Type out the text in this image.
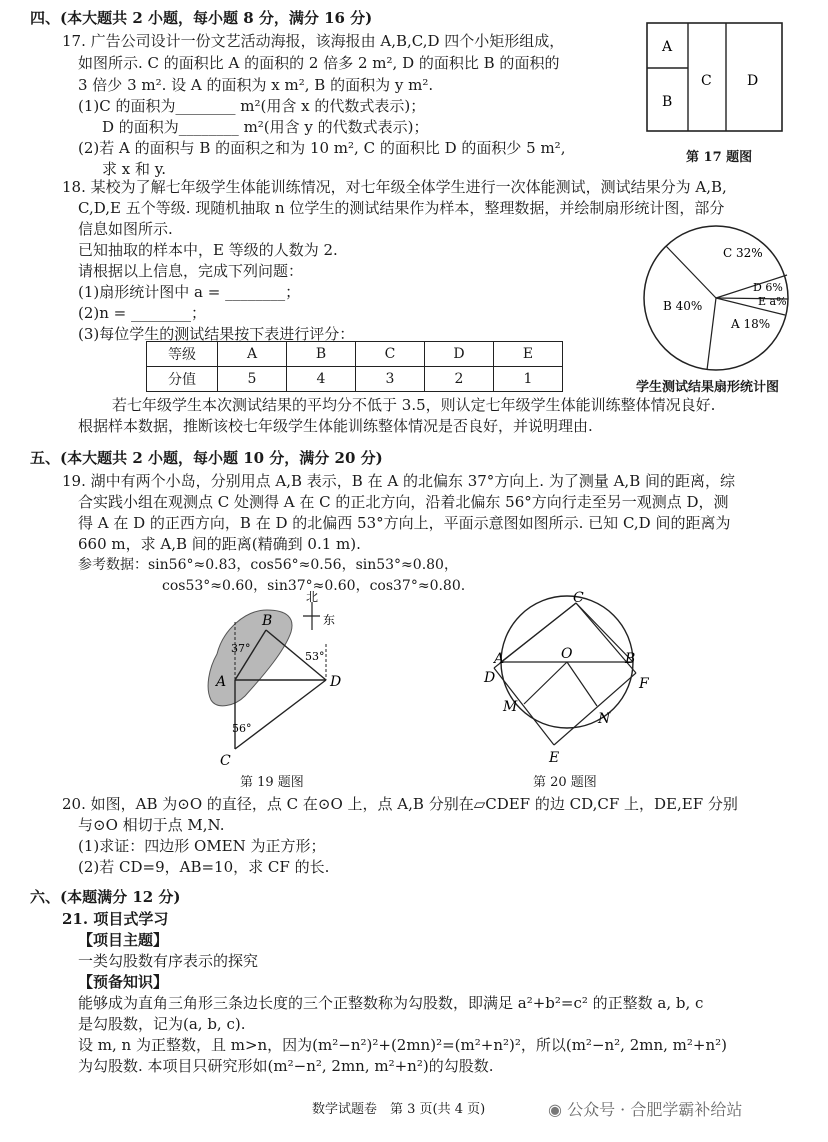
四、(本大题共 2 小题，每小题 8 分，满分 16 分)
17. 广告公司设计一份文艺活动海报，该海报由 A,B,C,D 四个小矩形组成，
如图所示. C 的面积比 A 的面积的 2 倍多 2 m², D 的面积比 B 的面积的
3 倍少 3 m². 设 A 的面积为 x m², B 的面积为 y m².
(1)C 的面积为________ m²(用含 x 的代数式表示)；
D 的面积为________ m²(用含 y 的代数式表示)；
(2)若 A 的面积与 B 的面积之和为 10 m², C 的面积比 D 的面积少 5 m²,
求 x 和 y.
A
B
C	D
第 17 题图
18. 某校为了解七年级学生体能训练情况，对七年级全体学生进行一次体能测试，测试结果分为 A,B,
C,D,E 五个等级. 现随机抽取 n 位学生的测试结果作为样本，整理数据，并绘制扇形统计图，部分
信息如图所示.
已知抽取的样本中，E 等级的人数为 2.
请根据以上信息，完成下列问题：
(1)扇形统计图中 a = ________；
(2)n = ________；
(3)每位学生的测试结果按下表进行评分：
等级	A	B	C	D	E
分值	5	4	3	2	1
若七年级学生本次测试结果的平均分不低于 3.5，则认定七年级学生体能训练整体情况良好.
根据样本数据，推断该校七年级学生体能训练整体情况是否良好，并说明理由.
C 32%
D 6%
E a%
B 40%
A 18%
学生测试结果扇形统计图
五、(本大题共 2 小题，每小题 10 分，满分 20 分)
19. 湖中有两个小岛，分别用点 A,B 表示，B 在 A 的北偏东 37°方向上. 为了测量 A,B 间的距离，综
合实践小组在观测点 C 处测得 A 在 C 的正北方向，沿着北偏东 56°方向行走至另一观测点 D，测
得 A 在 D 的正西方向，B 在 D 的北偏西 53°方向上，平面示意图如图所示. 已知 C,D 间的距离为
660 m，求 A,B 间的距离(精确到 0.1 m).
参考数据：sin56°≈0.83，cos56°≈0.56，sin53°≈0.80，
cos53°≈0.60，sin37°≈0.60，cos37°≈0.80.
北
东
B
A	D
C
37°
53°
56°
第 19 题图
C
A	O	B
D	F
M
N
E
第 20 题图
20. 如图，AB 为⊙O 的直径，点 C 在⊙O 上，点 A,B 分别在▱CDEF 的边 CD,CF 上，DE,EF 分别
与⊙O 相切于点 M,N.
(1)求证：四边形 OMEN 为正方形；
(2)若 CD=9，AB=10，求 CF 的长.
六、(本题满分 12 分)
21. 项目式学习
【项目主题】
一类勾股数有序表示的探究
【预备知识】
能够成为直角三角形三条边长度的三个正整数称为勾股数，即满足 a²+b²=c² 的正整数 a, b, c
是勾股数，记为(a, b, c).
设 m, n 为正整数，且 m>n，因为(m²−n²)²+(2mn)²=(m²+n²)²，所以(m²−n², 2mn, m²+n²)
为勾股数. 本项目只研究形如(m²−n², 2mn, m²+n²)的勾股数.
数学试题卷　第 3 页(共 4 页)	◉ 公众号 · 合肥学霸补给站
